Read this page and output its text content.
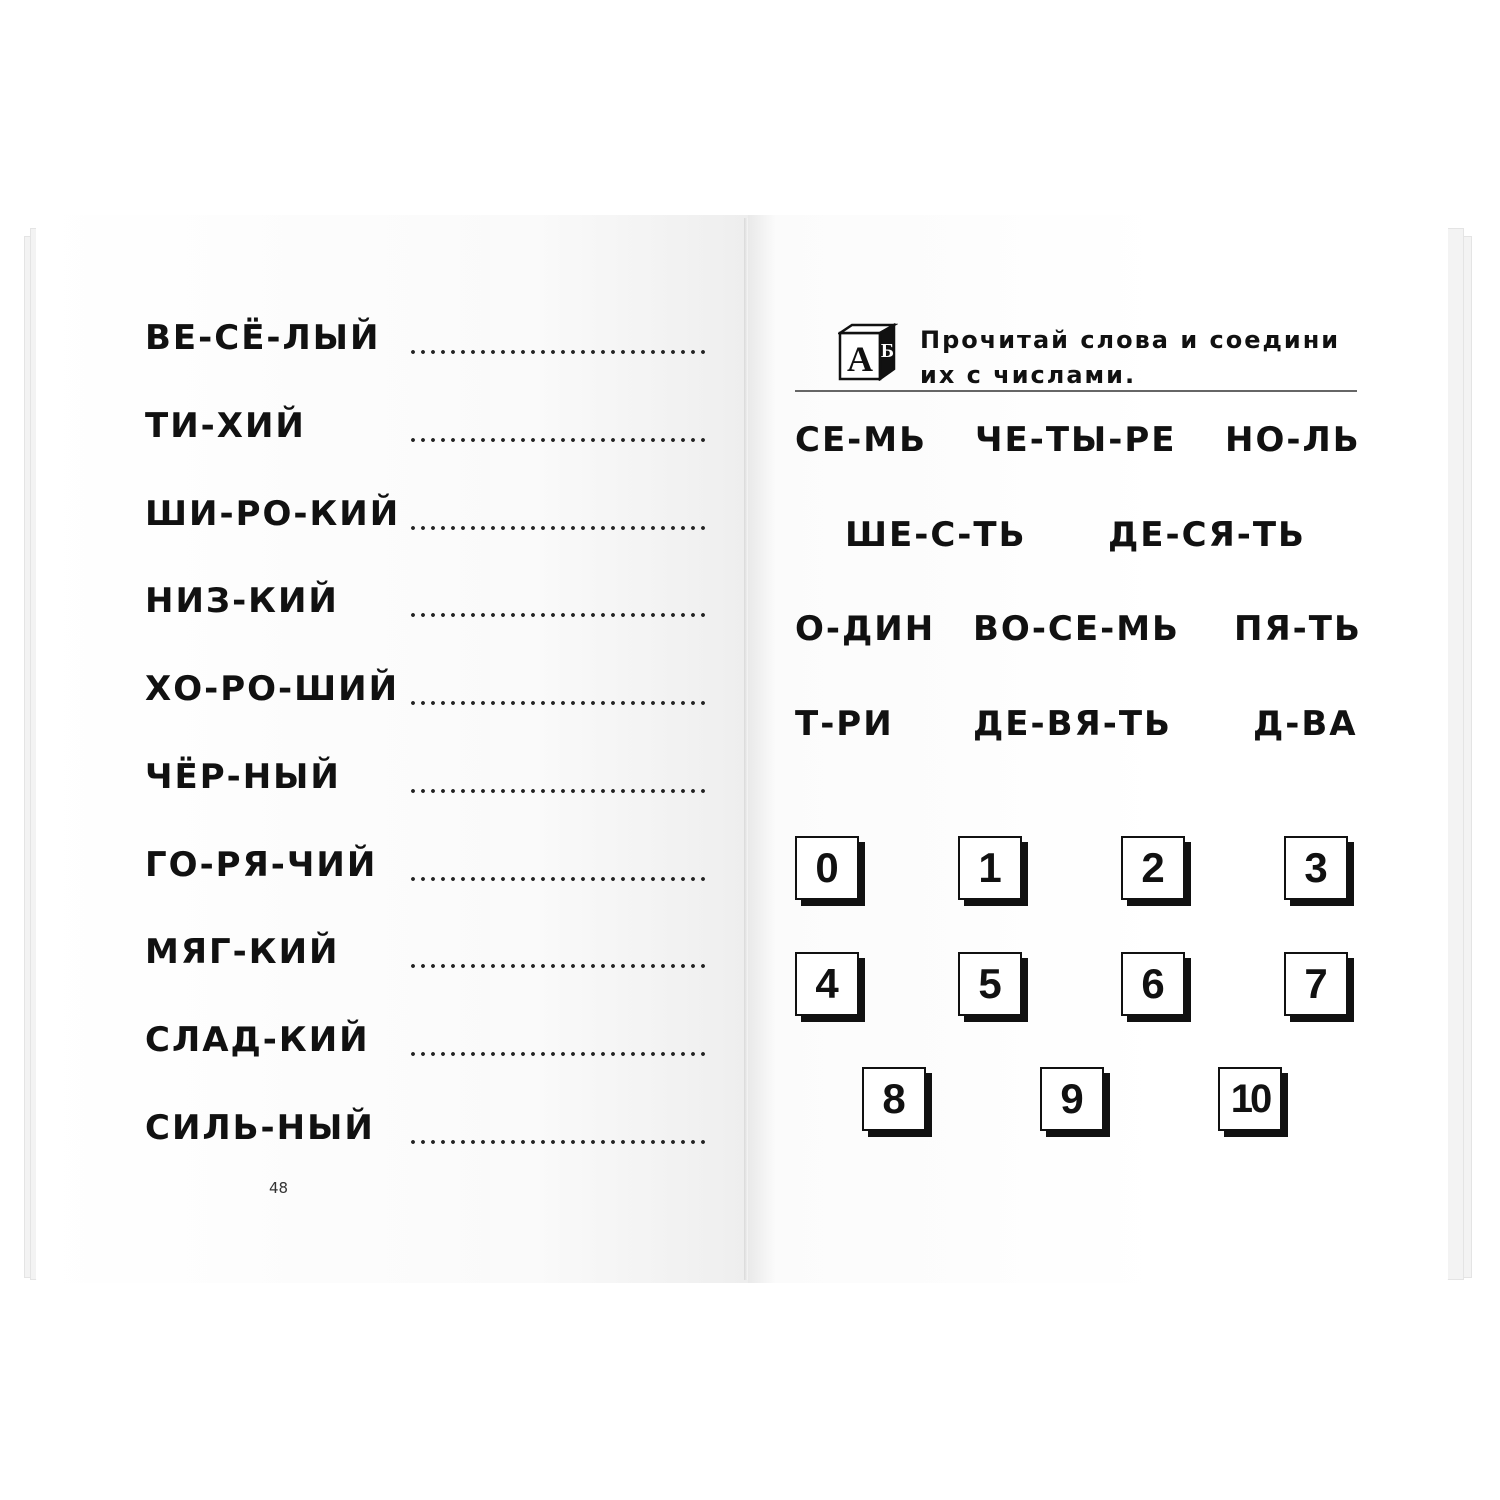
ВЕ-СЁ-ЛЫЙ
ТИ-ХИЙ
ШИ-РО-КИЙ
НИЗ-КИЙ
ХО-РО-ШИЙ
ЧЁР-НЫЙ
ГО-РЯ-ЧИЙ
МЯГ-КИЙ
СЛАД-КИЙ
СИЛЬ-НЫЙ
48
А Б Прочитай слова и соедини
их с числами.
СЕ-МЬ ЧЕ-ТЫ-РЕ НО-ЛЬ
ШЕ-С-ТЬ ДЕ-СЯ-ТЬ
О-ДИН ВО-СЕ-МЬ ПЯ-ТЬ
Т-РИ ДЕ-ВЯ-ТЬ Д-ВА
0	1	2	3
4	5	6	7
8	9	10
